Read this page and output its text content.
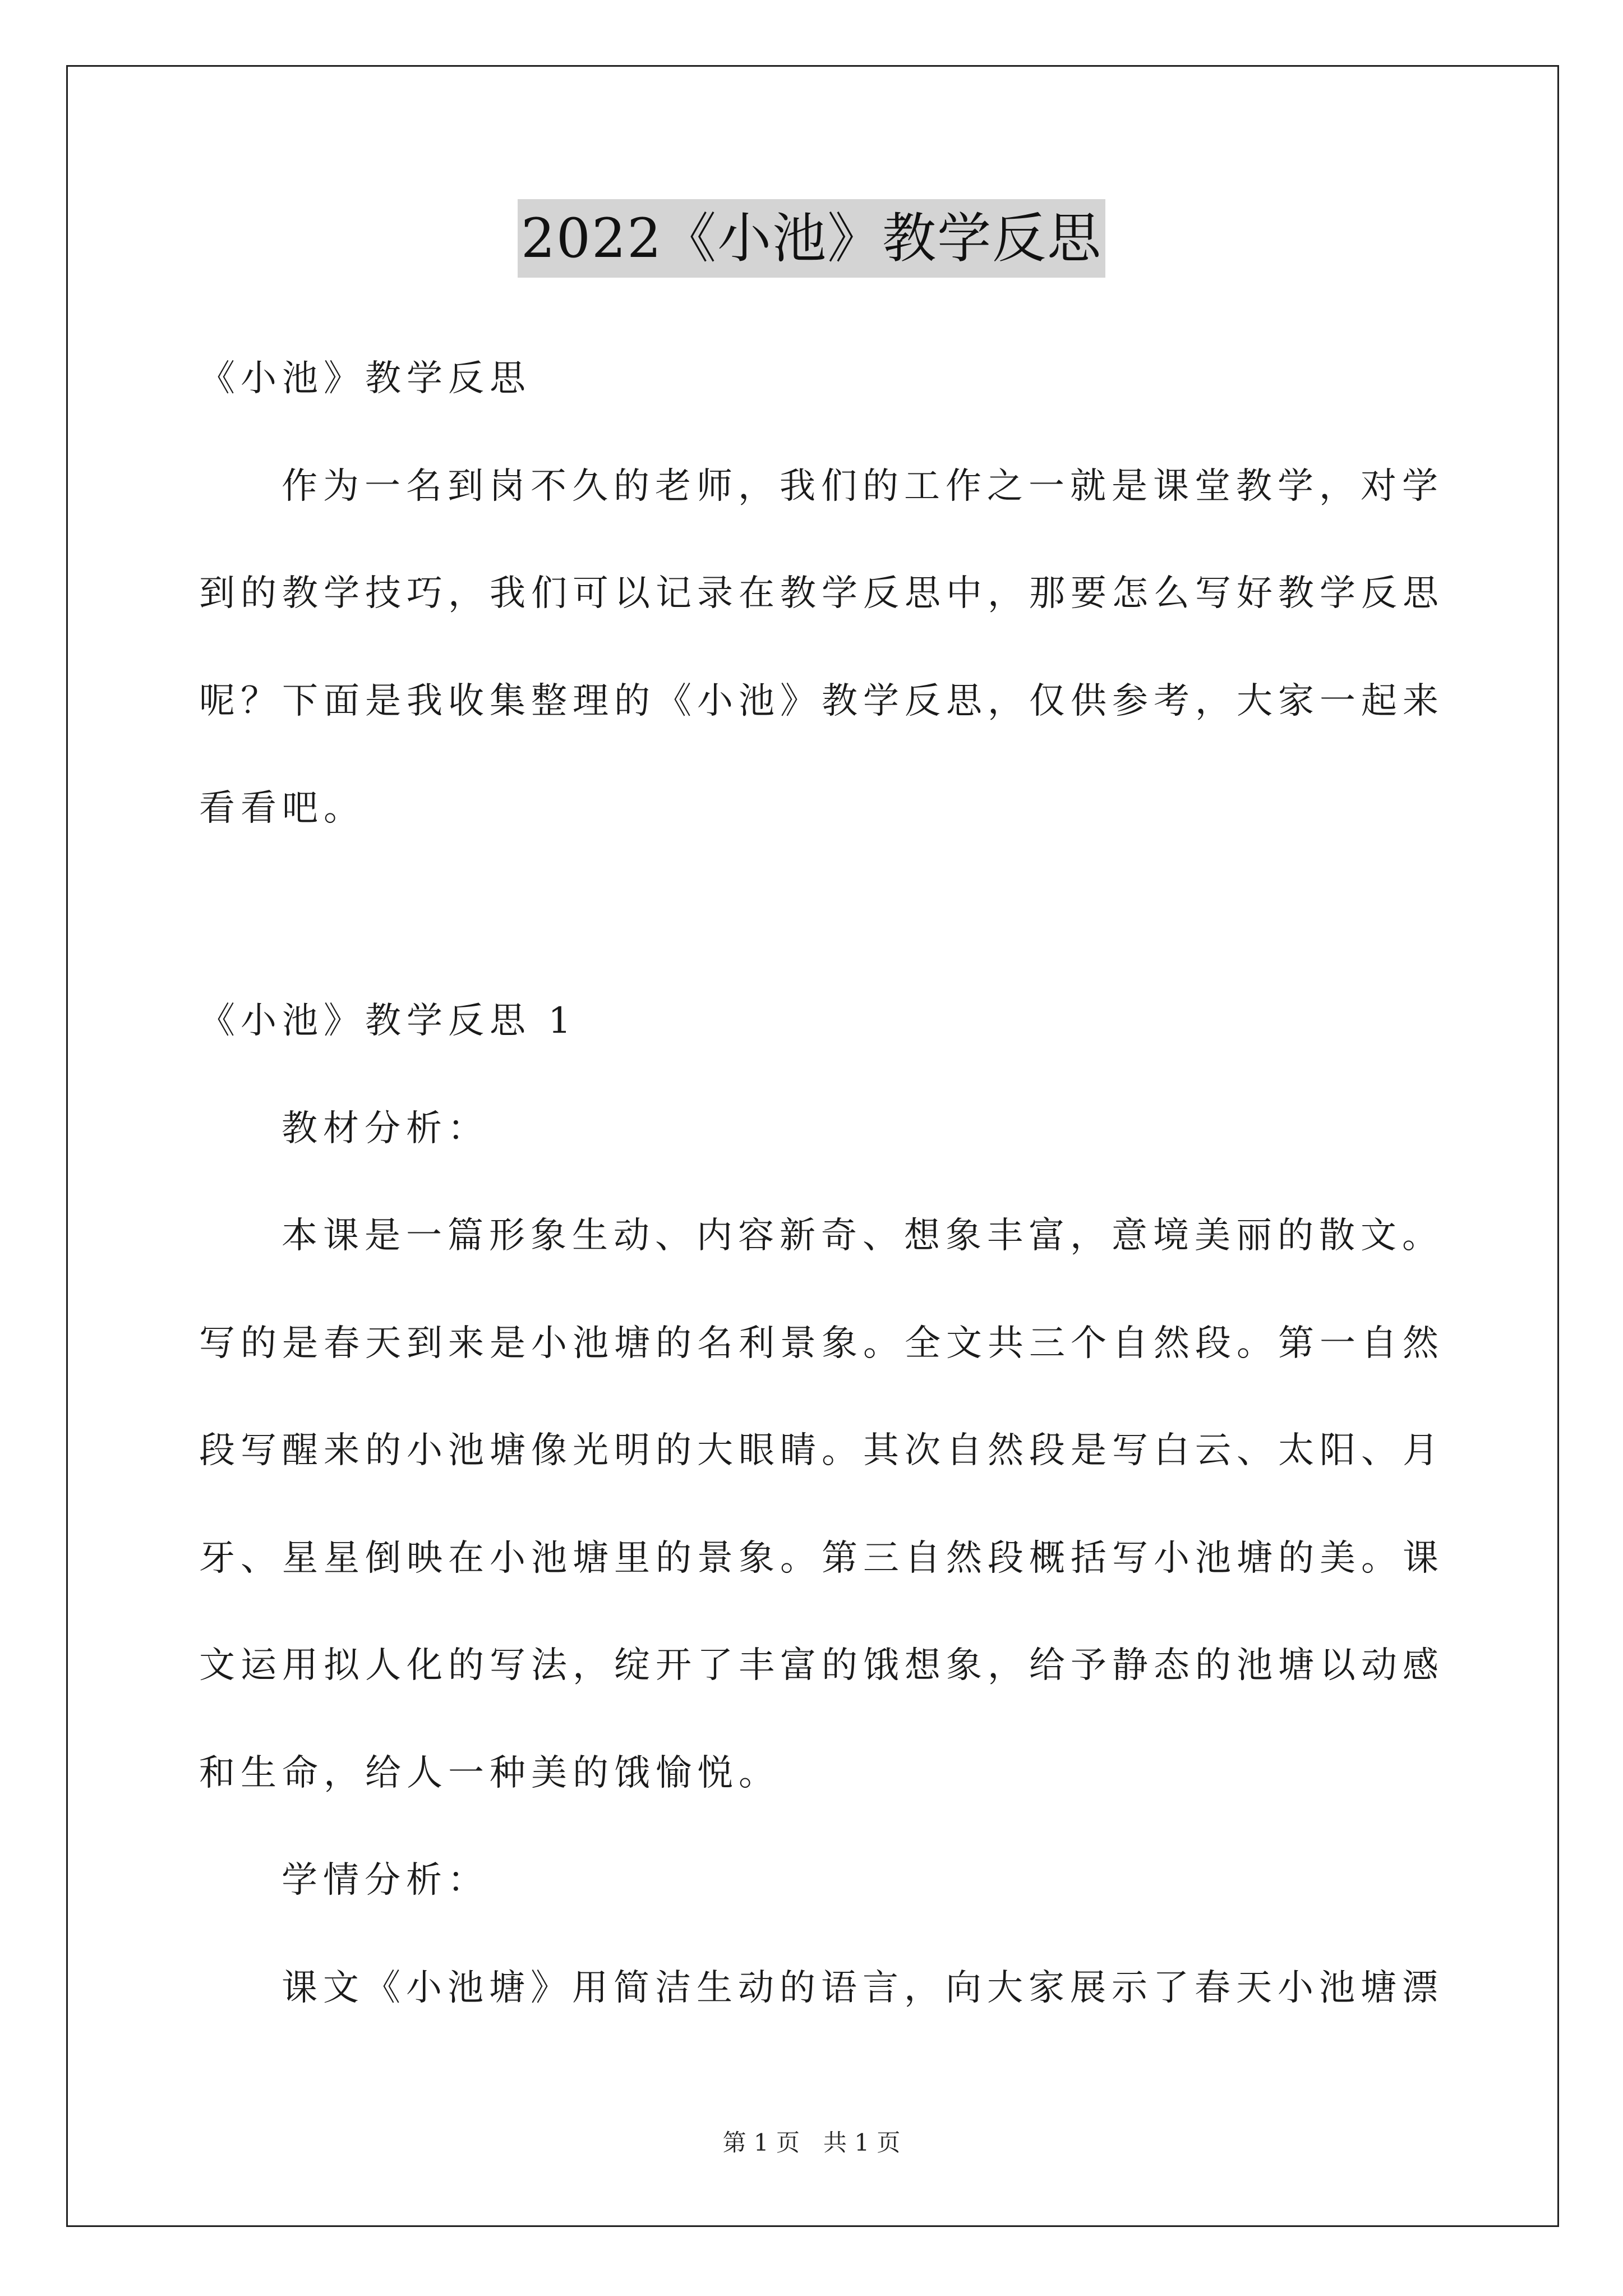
2022《小池》教学反思
《小池》教学反思
作为一名到岗不久的老师，我们的工作之一就是课堂教学，对学
到的教学技巧，我们可以记录在教学反思中，那要怎么写好教学反思
呢？下面是我收集整理的《小池》教学反思，仅供参考，大家一起来
看看吧。
《小池》教学反思 1
教材分析：
本课是一篇形象生动、内容新奇、想象丰富，意境美丽的散文。
写的是春天到来是小池塘的名利景象。全文共三个自然段。第一自然
段写醒来的小池塘像光明的大眼睛。其次自然段是写白云、太阳、月
牙、星星倒映在小池塘里的景象。第三自然段概括写小池塘的美。课
文运用拟人化的写法，绽开了丰富的饿想象，给予静态的池塘以动感
和生命，给人一种美的饿愉悦。
学情分析：
课文《小池塘》用简洁生动的语言，向大家展示了春天小池塘漂
第 1 页　共 1 页
